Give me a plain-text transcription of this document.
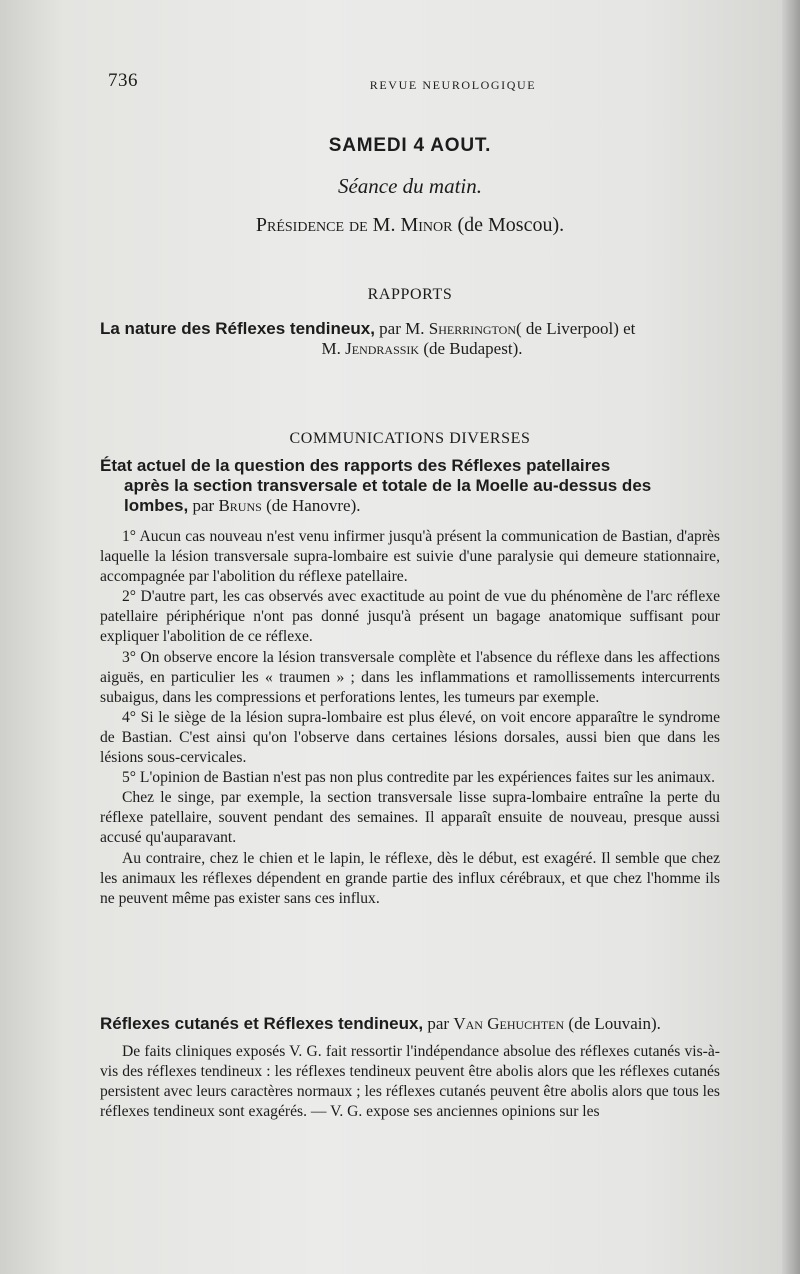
736	REVUE NEUROLOGIQUE
SAMEDI 4 AOUT.
Séance du matin.
Présidence de M. Minor (de Moscou).
RAPPORTS
La nature des Réflexes tendineux, par M. Sherrington( de Liverpool) et
M. Jendrassik (de Budapest).
COMMUNICATIONS DIVERSES
État actuel de la question des rapports des Réflexes patellaires
après la section transversale et totale de la Moelle au-dessus des
lombes, par Bruns (de Hanovre).

1° Aucun cas nouveau n'est venu infirmer jusqu'à présent la communication de Bastian, d'après laquelle la lésion transversale supra-lombaire est suivie d'une paralysie qui demeure stationnaire, accompagnée par l'abolition du réflexe patellaire.

2° D'autre part, les cas observés avec exactitude au point de vue du phénomène de l'arc réflexe patellaire périphérique n'ont pas donné jusqu'à présent un bagage anatomique suffisant pour expliquer l'abolition de ce réflexe.

3° On observe encore la lésion transversale complète et l'absence du réflexe dans les affections aiguës, en particulier les « traumen » ; dans les inflammations et ramollissements intercurrents subaigus, dans les compressions et perforations lentes, les tumeurs par exemple.

4° Si le siège de la lésion supra-lombaire est plus élevé, on voit encore apparaître le syndrome de Bastian. C'est ainsi qu'on l'observe dans certaines lésions dorsales, aussi bien que dans les lésions sous-cervicales.

5° L'opinion de Bastian n'est pas non plus contredite par les expériences faites sur les animaux.

Chez le singe, par exemple, la section transversale lisse supra-lombaire entraîne la perte du réflexe patellaire, souvent pendant des semaines. Il apparaît ensuite de nouveau, presque aussi accusé qu'auparavant.

Au contraire, chez le chien et le lapin, le réflexe, dès le début, est exagéré. Il semble que chez les animaux les réflexes dépendent en grande partie des influx cérébraux, et que chez l'homme ils ne peuvent même pas exister sans ces influx.

Réflexes cutanés et Réflexes tendineux, par Van Gehuchten (de Louvain).

De faits cliniques exposés V. G. fait ressortir l'indépendance absolue des réflexes cutanés vis-à-vis des réflexes tendineux : les réflexes tendineux peuvent être abolis alors que les réflexes cutanés persistent avec leurs caractères normaux ; les réflexes cutanés peuvent être abolis alors que tous les réflexes tendineux sont exagérés. — V. G. expose ses anciennes opinions sur les
